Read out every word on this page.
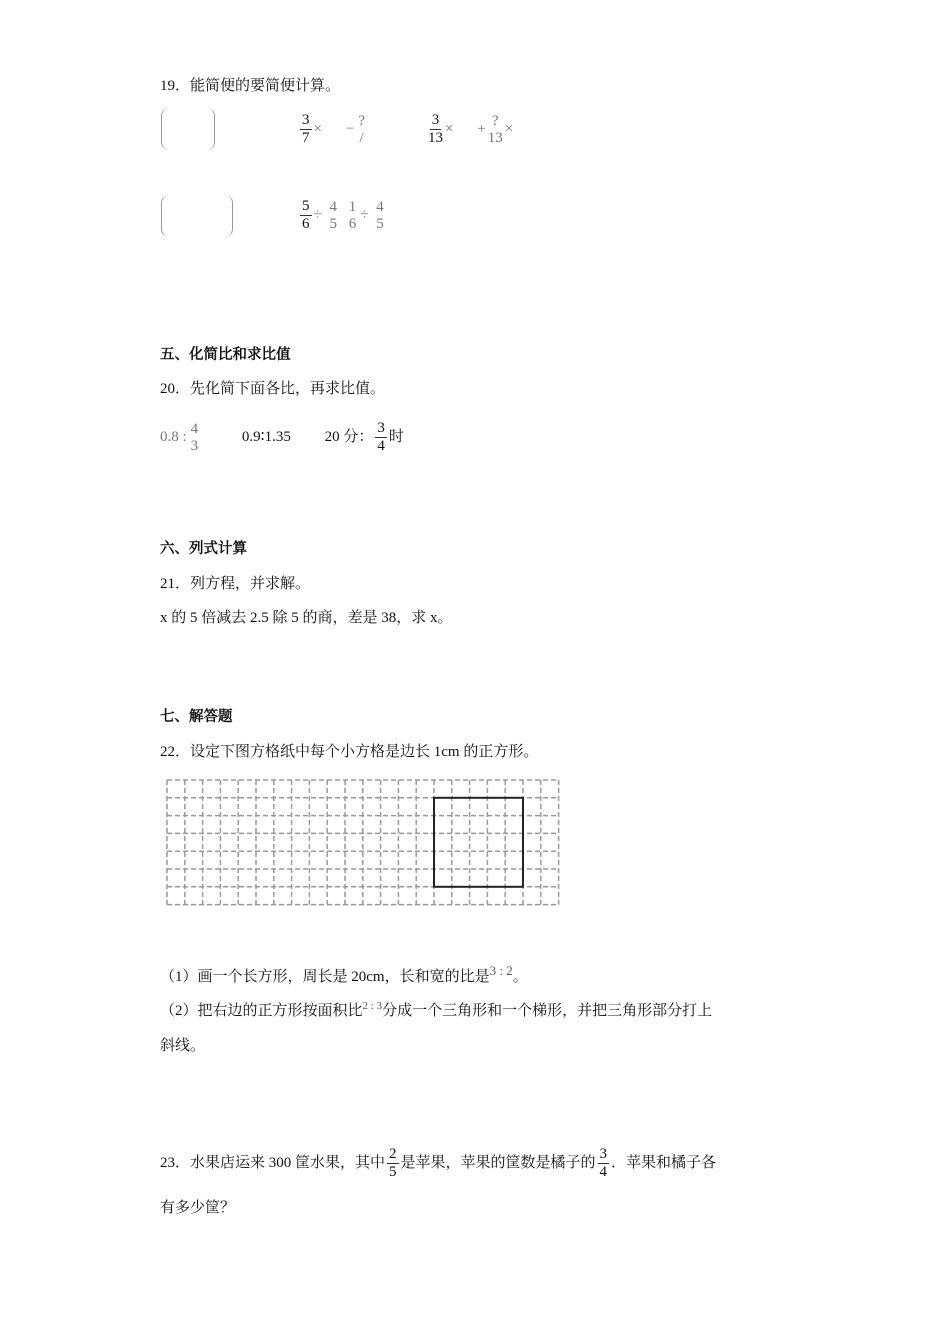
19．能简便的要简便计算。
$\frac{3}{7}$ × −
?
/	$\frac{3}{13}$ × +
?
13
×
$\frac{5}{6}$ ÷
4
5

1
6
÷
4
5
五、化简比和求比值
20．先化简下面各比，再求比值。
0.8 :
4
3
0.9∶1.35 20 分： $\frac{3}{4}$ 时
六、列式计算
21．列方程，并求解。
x 的 5 倍减去 2.5 除 5 的商，差是 38，求 x。
七、解答题
22．设定下图方格纸中每个小方格是边长 1cm 的正方形。
（1）画一个长方形，周长是 20cm，长和宽的比是3 : 2。
（2）把右边的正方形按面积比$^{2 : 3}$分成一个三角形和一个梯形，并把三角形部分打上
斜线。
23．水果店运来 300 筐水果，其中 $\frac{2}{5}$ 是苹果，苹果的筐数是橘子的 $\frac{3}{4}$ ．苹果和橘子各
有多少筐？
